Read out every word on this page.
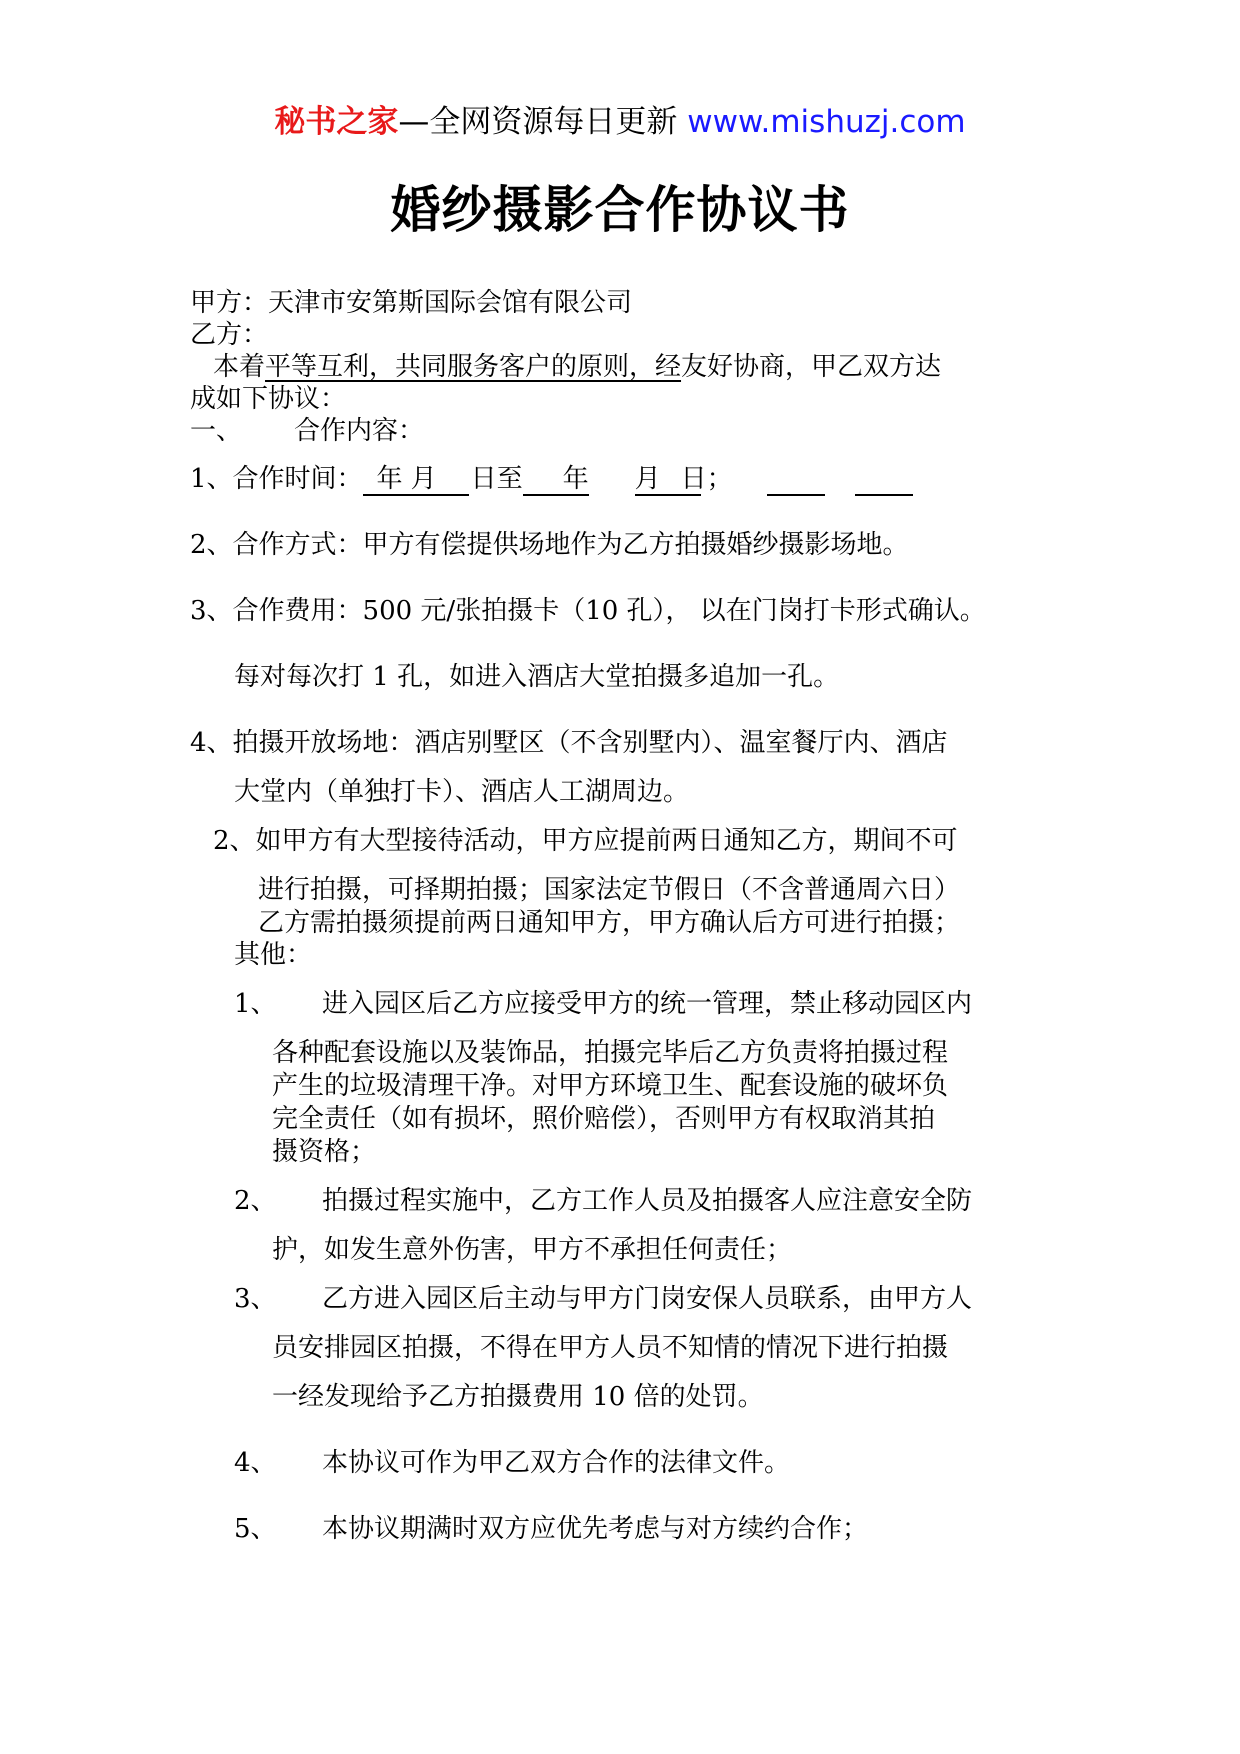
秘书之家—全网资源每日更新 www.mishuzj.com
婚纱摄影合作协议书
甲方：天津市安第斯国际会馆有限公司
乙方：
本着平等互利，共同服务客户的原则，经友好协商，甲乙双方达
成如下协议：
一、 合作内容：
1、合作时间： 年 月 日至 年 月 日；
2、合作方式：甲方有偿提供场地作为乙方拍摄婚纱摄影场地。
3、合作费用：500 元/张拍摄卡（10 孔）， 以在门岗打卡形式确认。
每对每次打 1 孔，如进入酒店大堂拍摄多追加一孔。
4、拍摄开放场地：酒店别墅区（不含别墅内）、温室餐厅内、酒店
大堂内（单独打卡）、酒店人工湖周边。
2、如甲方有大型接待活动，甲方应提前两日通知乙方，期间不可
进行拍摄，可择期拍摄；国家法定节假日（不含普通周六日）
乙方需拍摄须提前两日通知甲方，甲方确认后方可进行拍摄；
其他：
1、 进入园区后乙方应接受甲方的统一管理，禁止移动园区内
各种配套设施以及装饰品，拍摄完毕后乙方负责将拍摄过程
产生的垃圾清理干净。对甲方环境卫生、配套设施的破坏负
完全责任（如有损坏，照价赔偿），否则甲方有权取消其拍
摄资格；
2、 拍摄过程实施中，乙方工作人员及拍摄客人应注意安全防
护，如发生意外伤害，甲方不承担任何责任；
3、 乙方进入园区后主动与甲方门岗安保人员联系，由甲方人
员安排园区拍摄，不得在甲方人员不知情的情况下进行拍摄
一经发现给予乙方拍摄费用 10 倍的处罚。
4、 本协议可作为甲乙双方合作的法律文件。
5、 本协议期满时双方应优先考虑与对方续约合作；
